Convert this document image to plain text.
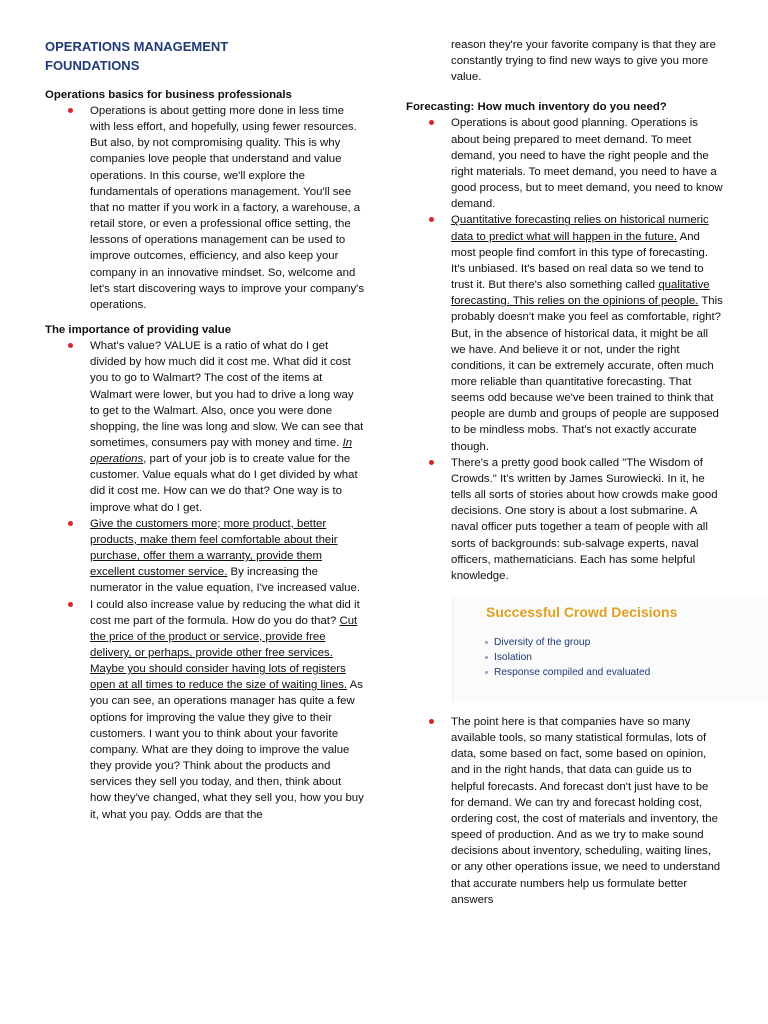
OPERATIONS MANAGEMENT FOUNDATIONS

Operations basics for business professionals

Operations is about getting more done in less time with less effort, and hopefully, using fewer resources. But also, by not compromising quality. This is why companies love people that understand and value operations. In this course, we'll explore the fundamentals of operations management. You'll see that no matter if you work in a factory, a warehouse, a retail store, or even a professional office setting, the lessons of operations management can be used to improve outcomes, efficiency, and also keep your company in an innovative mindset. So, welcome and let's start discovering ways to improve your company's operations.

The importance of providing value

What's value? VALUE is a ratio of what do I get divided by how much did it cost me. What did it cost you to go to Walmart? The cost of the items at Walmart were lower, but you had to drive a long way to get to the Walmart. Also, once you were done shopping, the line was long and slow. We can see that sometimes, consumers pay with money and time. In operations, part of your job is to create value for the customer. Value equals what do I get divided by what did it cost me. How can we do that? One way is to improve what do I get.
Give the customers more; more product, better products, make them feel comfortable about their purchase, offer them a warranty, provide them excellent customer service. By increasing the numerator in the value equation, I've increased value.
I could also increase value by reducing the what did it cost me part of the formula. How do you do that? Cut the price of the product or service, provide free delivery, or perhaps, provide other free services. Maybe you should consider having lots of registers open at all times to reduce the size of waiting lines. As you can see, an operations manager has quite a few options for improving the value they give to their customers. I want you to think about your favorite company. What are they doing to improve the value they provide you? Think about the products and services they sell you today, and then, think about how they've changed, what they sell you, how you buy it, what you pay. Odds are that the

reason they're your favorite company is that they are constantly trying to find new ways to give you more value.

Forecasting: How much inventory do you need?

Operations is about good planning. Operations is about being prepared to meet demand. To meet demand, you need to have the right people and the right materials. To meet demand, you need to have a good process, but to meet demand, you need to know demand.
Quantitative forecasting relies on historical numeric data to predict what will happen in the future. And most people find comfort in this type of forecasting. It's unbiased. It's based on real data so we tend to trust it. But there's also something called qualitative forecasting. This relies on the opinions of people. This probably doesn't make you feel as comfortable, right? But, in the absence of historical data, it might be all we have. And believe it or not, under the right conditions, it can be extremely accurate, often much more reliable than quantitative forecasting. That seems odd because we've been trained to think that people are dumb and groups of people are supposed to be mindless mobs. That's not exactly accurate though.
There's a pretty good book called "The Wisdom of Crowds." It's written by James Surowiecki. In it, he tells all sorts of stories about how crowds make good decisions. One story is about a lost submarine. A naval officer puts together a team of people with all sorts of backgrounds: sub-salvage experts, naval officers, mathematicians. Each has some helpful knowledge.
Successful Crowd Decisions
Diversity of the group
Isolation
Response compiled and evaluated
The point here is that companies have so many available tools, so many statistical formulas, lots of data, some based on fact, some based on opinion, and in the right hands, that data can guide us to helpful forecasts. And forecast don't just have to be for demand. We can try and forecast holding cost, ordering cost, the cost of materials and inventory, the speed of production. And as we try to make sound decisions about inventory, scheduling, waiting lines, or any other operations issue, we need to understand that accurate numbers help us formulate better answers
